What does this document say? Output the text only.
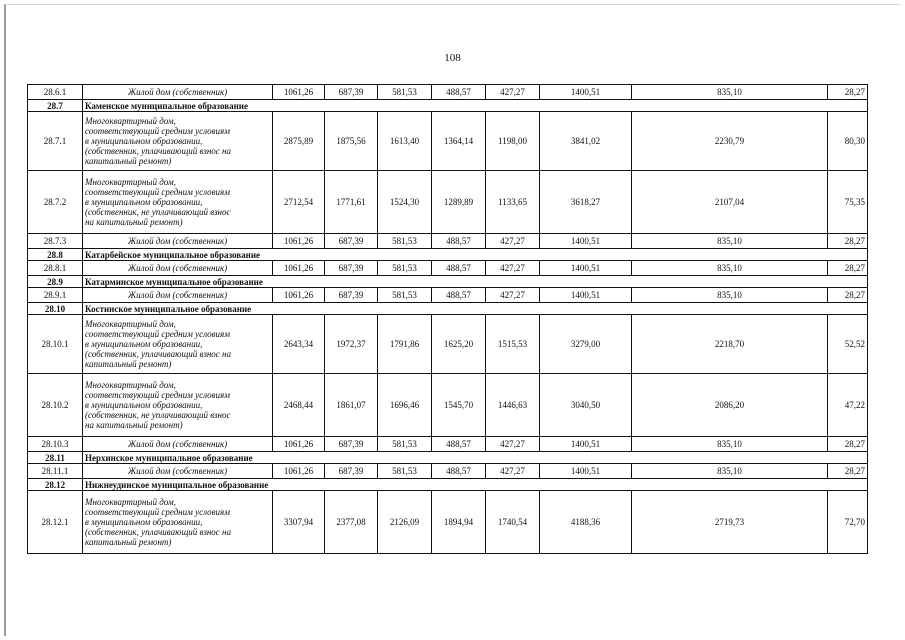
108
28.6.1	Жилой дом (собственник)	1061,26	687,39	581,53	488,57	427,27	1400,51	835,10	28,27
28.7	Каменское муниципальное образование								
28.7.1	Многоквартирный дом,
соответствующий средним условиям
в муниципальном образовании,
(собственник, уплачивающий взнос на
капитальный ремонт)	2875,89	1875,56	1613,40	1364,14	1198,00	3841,02	2230,79	80,30
28.7.2	Многоквартирный дом,
соответствующий средним условиям
в муниципальном образовании,
(собственник, не уплачивающий взнос
на капитальный ремонт)	2712,54	1771,61	1524,30	1289,89	1133,65	3618,27	2107,04	75,35
28.7.3	Жилой дом (собственник)	1061,26	687,39	581,53	488,57	427,27	1400,51	835,10	28,27
28.8	Катарбейское муниципальное образование								
28.8.1	Жилой дом (собственник)	1061,26	687,39	581,53	488,57	427,27	1400,51	835,10	28,27
28.9	Катарминское муниципальное образование								
28.9.1	Жилой дом (собственник)	1061,26	687,39	581,53	488,57	427,27	1400,51	835,10	28,27
28.10	Костинское муниципальное образование								
28.10.1	Многоквартирный дом,
соответствующий средним условиям
в муниципальном образовании,
(собственник, уплачивающий взнос на
капитальный ремонт)	2643,34	1972,37	1791,86	1625,20	1515,53	3279,00	2218,70	52,52
28.10.2	Многоквартирный дом,
соответствующий средним условиям
в муниципальном образовании,
(собственник, не уплачивающий взнос
на капитальный ремонт)	2468,44	1861,07	1696,46	1545,70	1446,63	3040,50	2086,20	47,22
28.10.3	Жилой дом (собственник)	1061,26	687,39	581,53	488,57	427,27	1400,51	835,10	28,27
28.11	Нерхинское муниципальное образование								
28.11.1	Жилой дом (собственник)	1061,26	687,39	581,53	488,57	427,27	1400,51	835,10	28,27
28.12	Нижнеудинское муниципальное образование								
28.12.1	Многоквартирный дом,
соответствующий средним условиям
в муниципальном образовании,
(собственник, уплачивающий взнос на
капитальный ремонт)	3307,94	2377,08	2126,09	1894,94	1740,54	4188,36	2719,73	72,70
